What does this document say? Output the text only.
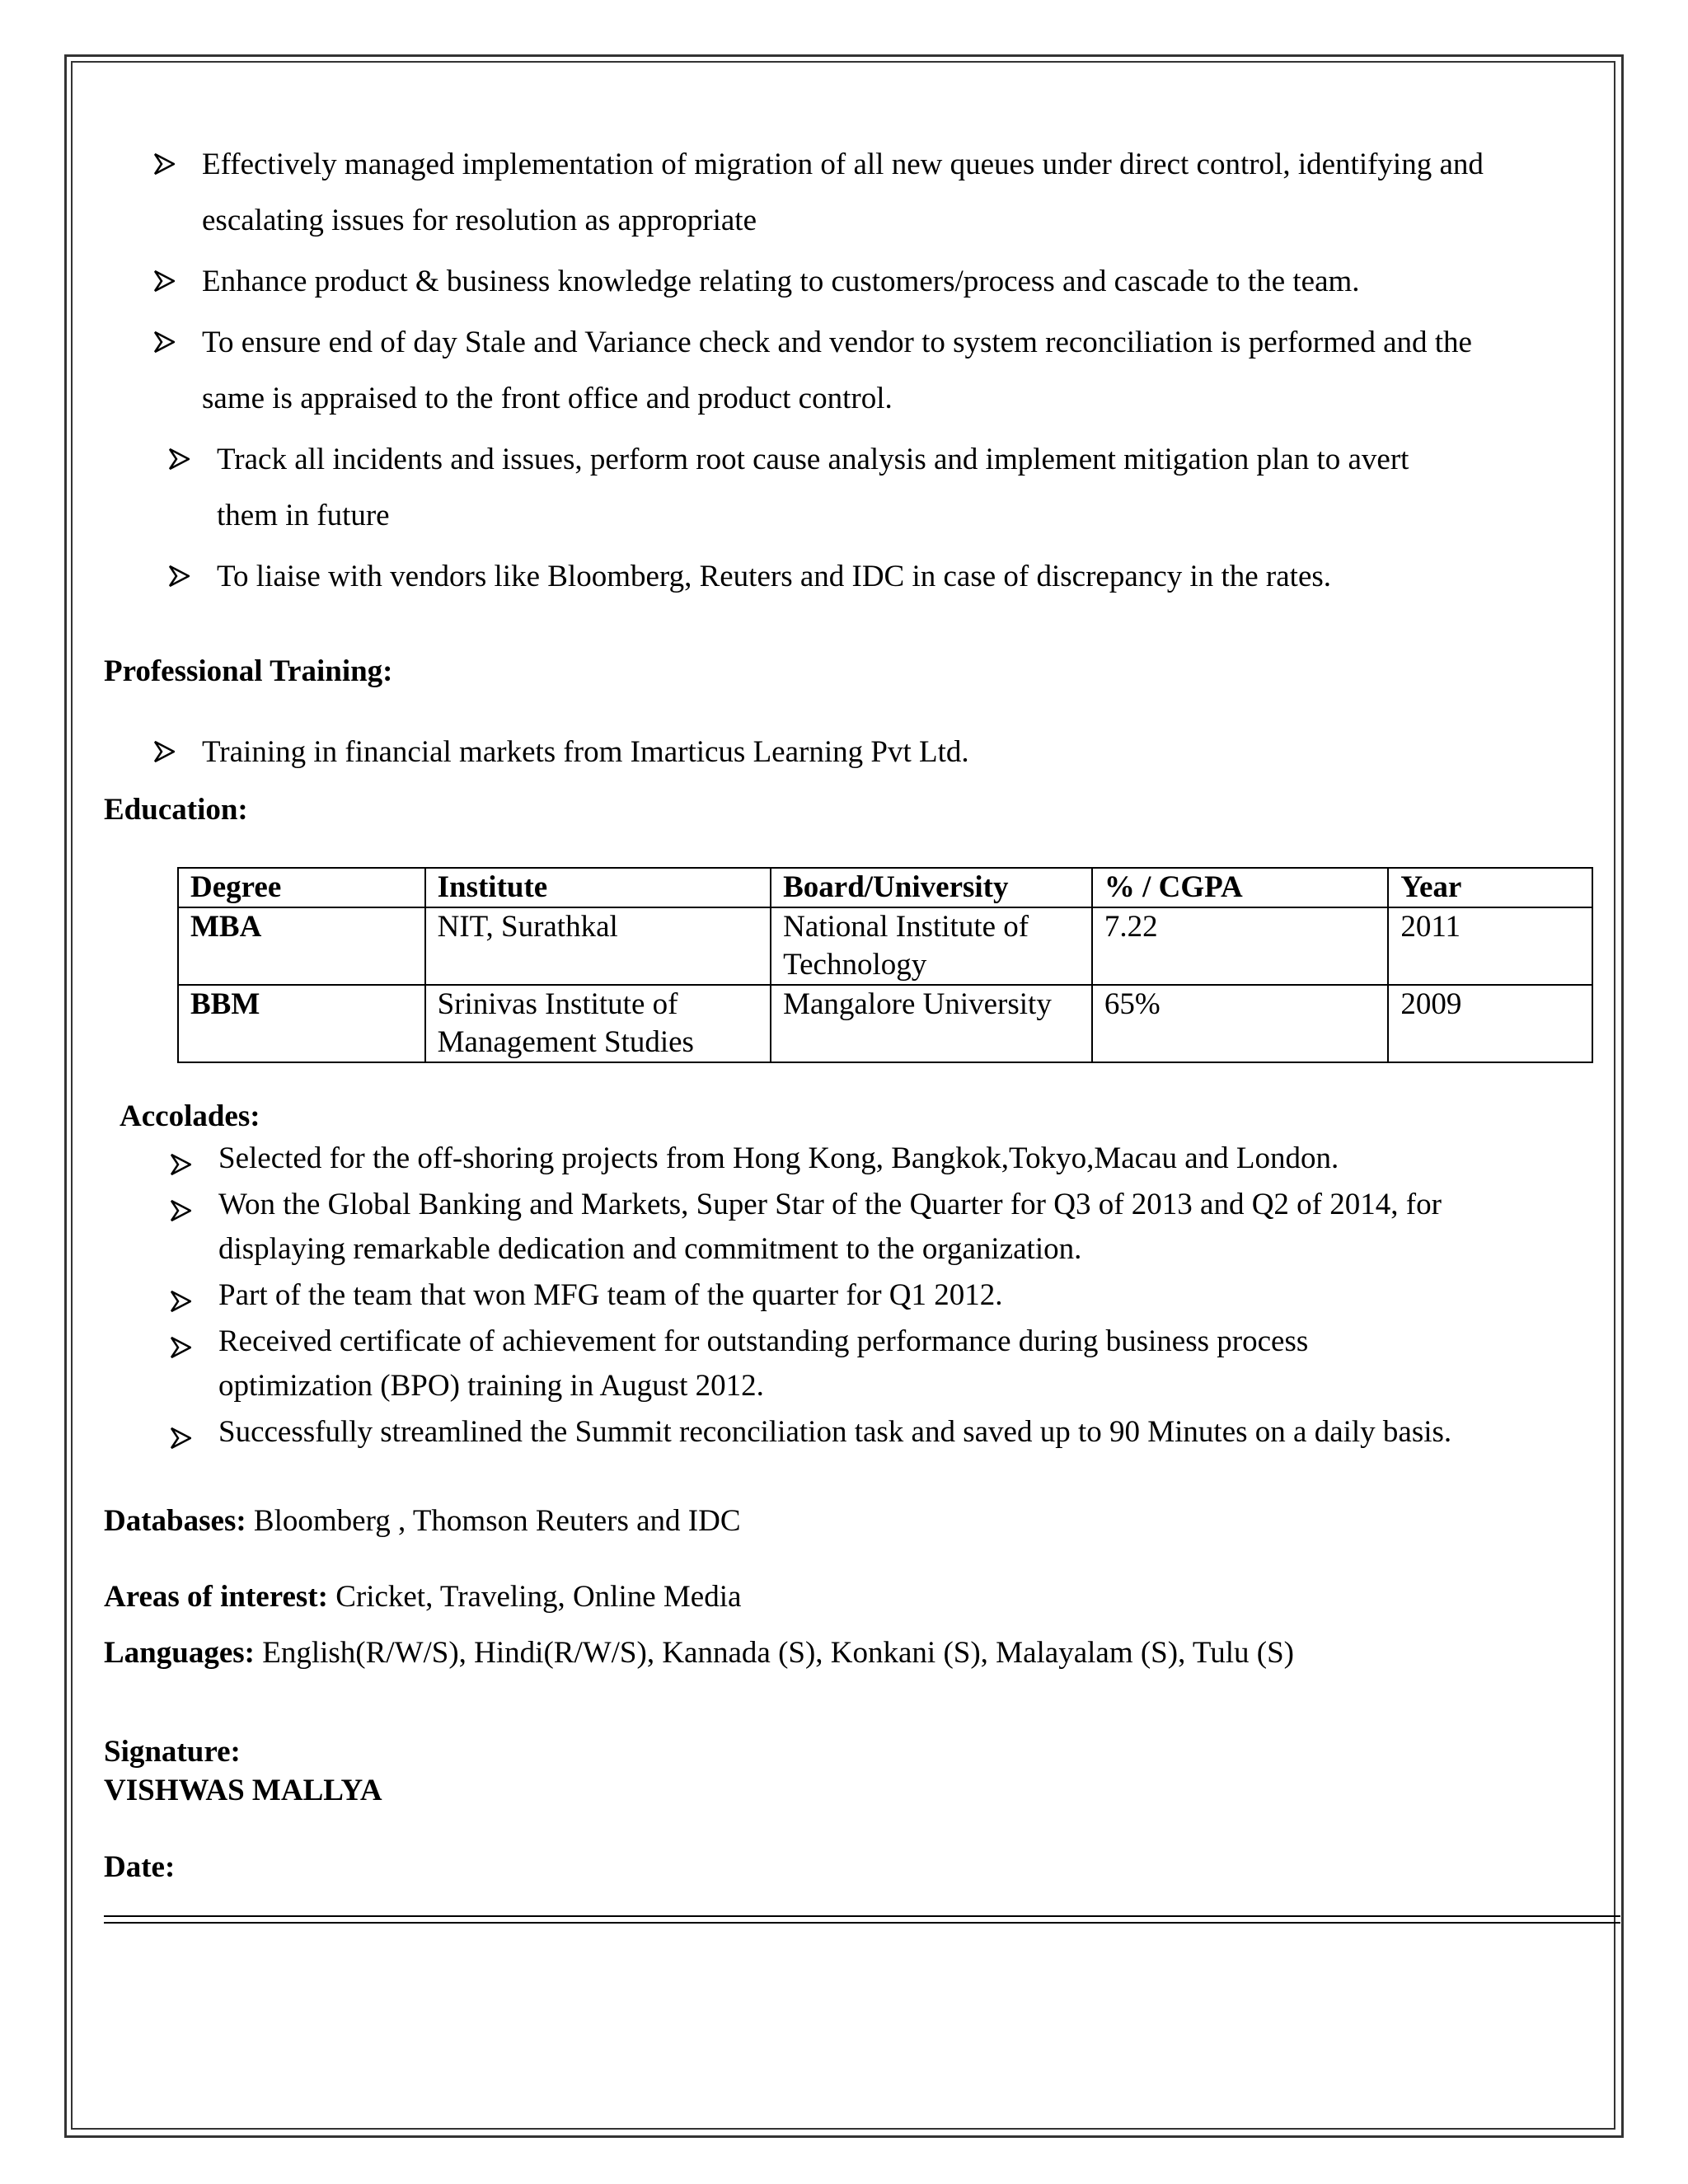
Effectively managed implementation of migration of all new queues under direct control, identifying and
escalating issues for resolution as appropriate
Enhance product & business knowledge relating to customers/process and cascade to the team.
To ensure end of day Stale and Variance check and vendor to system reconciliation is performed and the
same is appraised to the front office and product control.
Track all incidents and issues, perform root cause analysis and implement mitigation plan to avert
them in future
To liaise with vendors like Bloomberg, Reuters and IDC in case of discrepancy in the rates.
Professional Training:
Training in financial markets from Imarticus Learning Pvt Ltd.
Education:
Degree	Institute	Board/University	% / CGPA	Year
MBA	NIT, Surathkal	National Institute of Technology	7.22	2011
BBM	Srinivas Institute of Management Studies	Mangalore University	65%	2009
Accolades:
Selected for the off-shoring projects from Hong Kong, Bangkok,Tokyo,Macau and London.
Won the Global Banking and Markets, Super Star of the Quarter for Q3 of 2013 and Q2 of 2014, for
displaying remarkable dedication and commitment to the organization.
Part of the team that won MFG team of the quarter for Q1 2012.
Received certificate of achievement for outstanding performance during business process
optimization (BPO) training in August 2012.
Successfully streamlined the Summit reconciliation task and saved up to 90 Minutes on a daily basis.
Databases: Bloomberg , Thomson Reuters and IDC
Areas of interest: Cricket, Traveling, Online Media
Languages: English(R/W/S), Hindi(R/W/S), Kannada (S), Konkani (S), Malayalam (S), Tulu (S)
Signature:
VISHWAS MALLYA
Date:
